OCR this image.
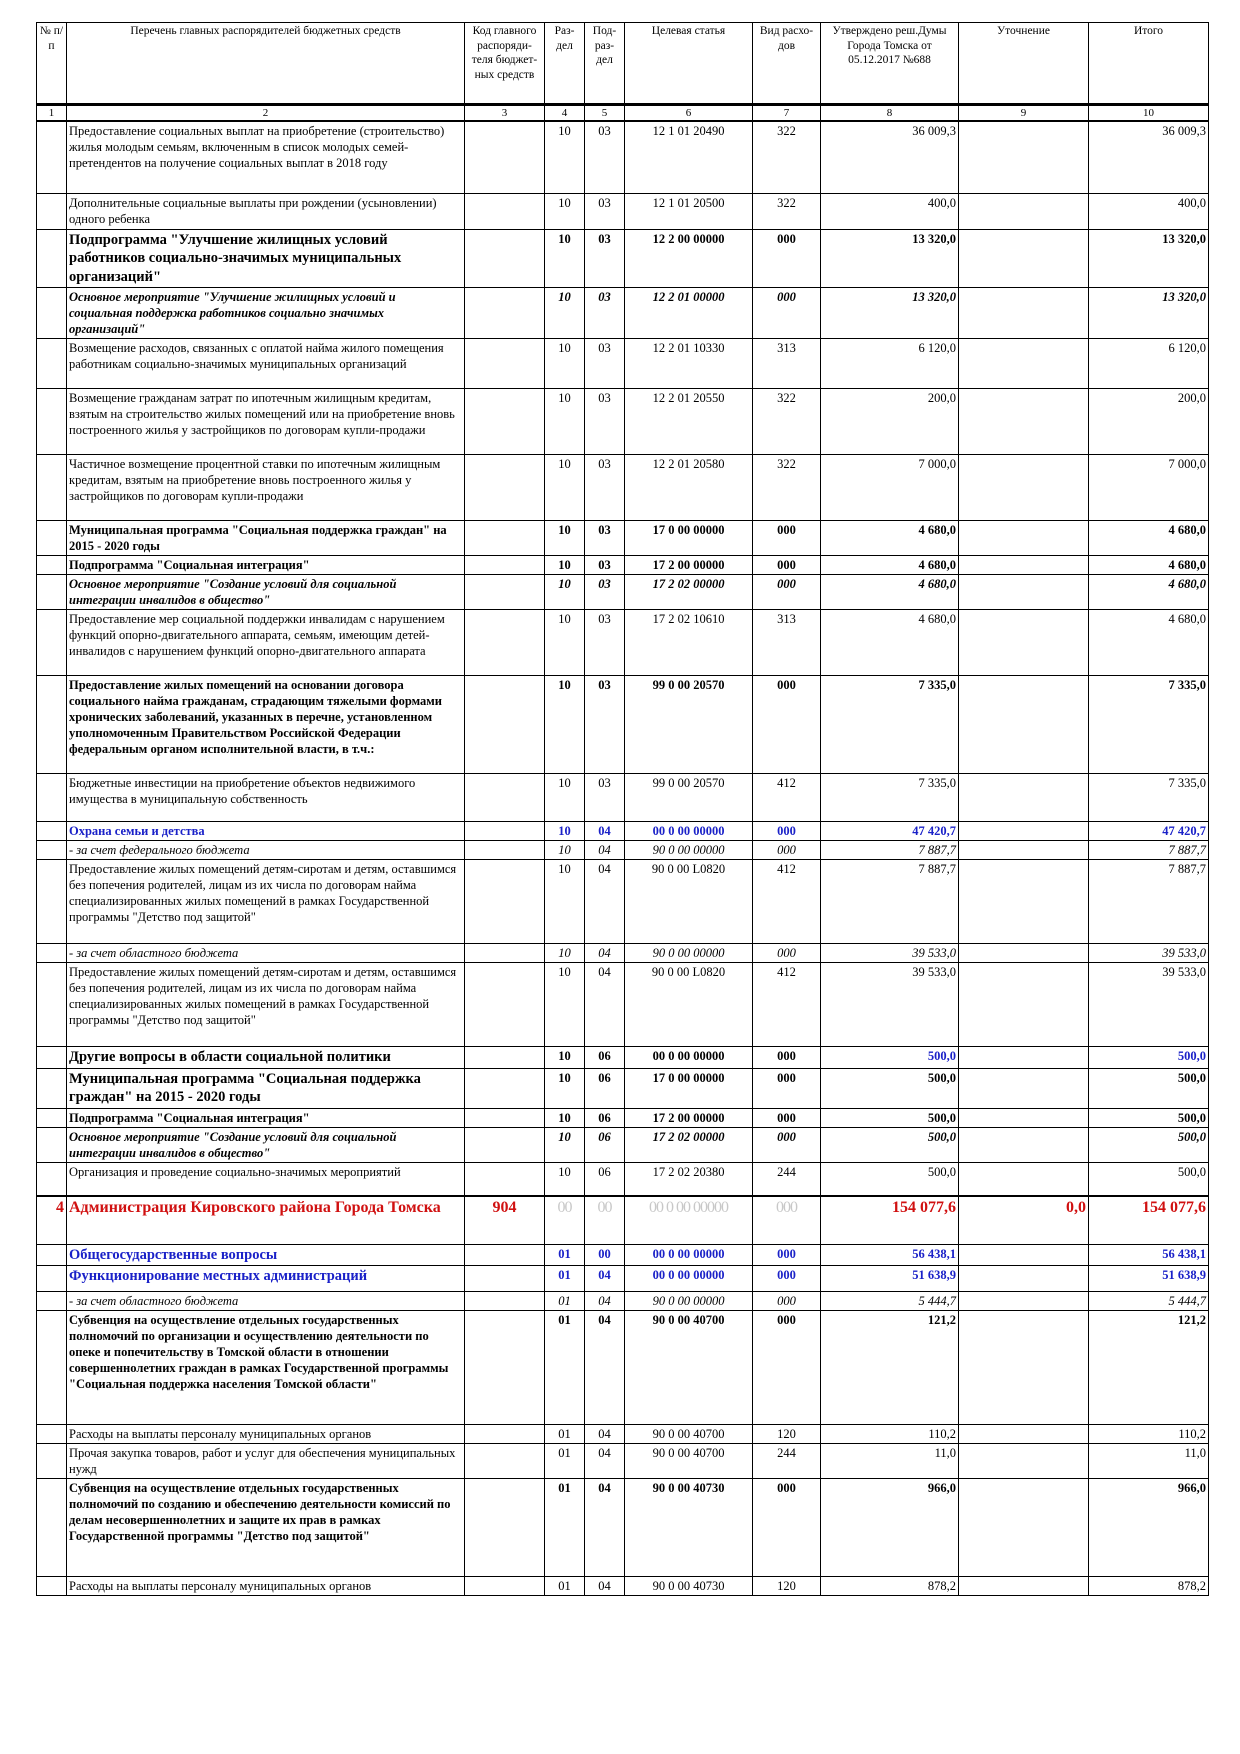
№ п/п	Перечень главных распорядителей бюджетных средств	Код главного распоряди-теля бюджет-ных средств	Раз-дел	Под-раз-дел	Целевая статья	Вид расхо-дов	Утверждено реш.Думы Города Томска от 05.12.2017 №688	Уточнение	Итого
1	2	3	4	5	6	7	8	9	10
	Предоставление социальных выплат на приобретение (строительство) жилья молодым семьям, включенным в список молодых семей-претендентов на получение социальных выплат в 2018 году		10	03	12 1 01 20490	322	36 009,3		36 009,3
	Дополнительные социальные выплаты при рождении (усыновлении) одного ребенка		10	03	12 1 01 20500	322	400,0		400,0
	Подпрограмма "Улучшение жилищных условий работников социально-значимых муниципальных организаций"		10	03	12 2 00 00000	000	13 320,0		13 320,0
	Основное мероприятие "Улучшение жилищных условий и социальная поддержка работников социально значимых организаций"		10	03	12 2 01 00000	000	13 320,0		13 320,0
	Возмещение расходов, связанных с оплатой найма жилого помещения работникам социально-значимых муниципальных организаций		10	03	12 2 01 10330	313	6 120,0		6 120,0
	Возмещение гражданам затрат по ипотечным жилищным кредитам, взятым на строительство жилых помещений или на приобретение вновь построенного жилья у застройщиков по договорам купли-продажи		10	03	12 2 01 20550	322	200,0		200,0
	Частичное возмещение процентной ставки по ипотечным жилищным кредитам, взятым на приобретение вновь построенного жилья у застройщиков по договорам купли-продажи		10	03	12 2 01 20580	322	7 000,0		7 000,0
	Муниципальная программа "Социальная поддержка граждан" на 2015 - 2020 годы		10	03	17 0 00 00000	000	4 680,0		4 680,0
	Подпрограмма "Социальная интеграция"		10	03	17 2 00 00000	000	4 680,0		4 680,0
	Основное мероприятие "Создание условий для социальной интеграции инвалидов в общество"		10	03	17 2 02 00000	000	4 680,0		4 680,0
	Предоставление мер социальной поддержки инвалидам с нарушением функций опорно-двигательного аппарата, семьям, имеющим детей-инвалидов с нарушением функций опорно-двигательного аппарата		10	03	17 2 02 10610	313	4 680,0		4 680,0
	Предоставление жилых помещений на основании договора социального найма гражданам, страдающим тяжелыми формами хронических заболеваний, указанных в перечне, установленном уполномоченным Правительством Российской Федерации федеральным органом исполнительной власти, в т.ч.:		10	03	99 0 00 20570	000	7 335,0		7 335,0
	Бюджетные инвестиции на приобретение объектов недвижимого имущества в муниципальную собственность		10	03	99 0 00 20570	412	7 335,0		7 335,0
	Охрана семьи и детства		10	04	00 0 00 00000	000	47 420,7		47 420,7
	- за счет федерального бюджета		10	04	90 0 00 00000	000	7 887,7		7 887,7
	Предоставление жилых помещений детям-сиротам и детям, оставшимся без попечения родителей, лицам из их числа по договорам найма специализированных жилых помещений в рамках Государственной программы "Детство под защитой"		10	04	90 0 00 L0820	412	7 887,7		7 887,7
	- за счет областного бюджета		10	04	90 0 00 00000	000	39 533,0		39 533,0
	Предоставление жилых помещений детям-сиротам и детям, оставшимся без попечения родителей, лицам из их числа по договорам найма специализированных жилых помещений в рамках Государственной программы "Детство под защитой"		10	04	90 0 00 L0820	412	39 533,0		39 533,0
	Другие вопросы в области социальной политики		10	06	00 0 00 00000	000	500,0		500,0
	Муниципальная программа "Социальная поддержка граждан" на 2015 - 2020 годы		10	06	17 0 00 00000	000	500,0		500,0
	Подпрограмма "Социальная интеграция"		10	06	17 2 00 00000	000	500,0		500,0
	Основное мероприятие "Создание условий для социальной интеграции инвалидов в общество"		10	06	17 2 02 00000	000	500,0		500,0
	Организация и проведение социально-значимых мероприятий		10	06	17 2 02 20380	244	500,0		500,0
4	Администрация Кировского района Города Томска	904	00	00	00 0 00 00000	000	154 077,6	0,0	154 077,6
	Общегосударственные вопросы		01	00	00 0 00 00000	000	56 438,1		56 438,1
	Функционирование местных администраций		01	04	00 0 00 00000	000	51 638,9		51 638,9
	- за счет областного бюджета		01	04	90 0 00 00000	000	5 444,7		5 444,7
	Субвенция на осуществление отдельных государственных полномочий по организации и осуществлению деятельности по опеке и попечительству в Томской области в отношении совершеннолетних граждан в рамках Государственной программы "Социальная поддержка населения Томской области"		01	04	90 0 00 40700	000	121,2		121,2
	Расходы на выплаты персоналу муниципальных органов		01	04	90 0 00 40700	120	110,2		110,2
	Прочая закупка товаров, работ и услуг для обеспечения муниципальных нужд		01	04	90 0 00 40700	244	11,0		11,0
	Субвенция на осуществление отдельных государственных полномочий по созданию и обеспечению деятельности комиссий по делам несовершеннолетних и защите их прав в рамках Государственной программы "Детство под защитой"		01	04	90 0 00 40730	000	966,0		966,0
	Расходы на выплаты персоналу муниципальных органов		01	04	90 0 00 40730	120	878,2		878,2
